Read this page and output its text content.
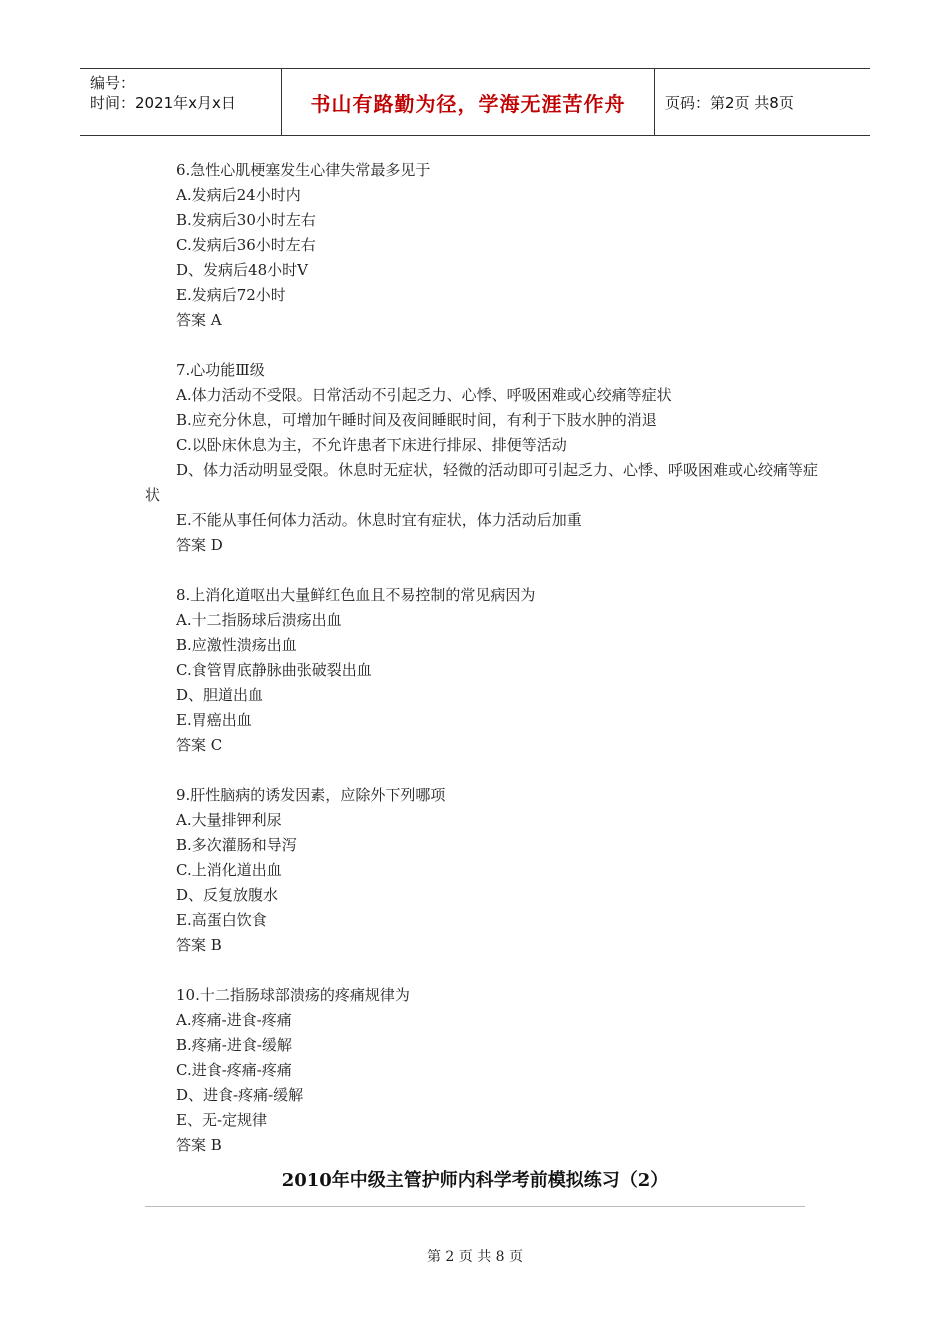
编号：
时间：2021年x月x日	书山有路勤为径，学海无涯苦作舟	页码：第2页 共8页
6.急性心肌梗塞发生心律失常最多见于
A.发病后24小时内
B.发病后30小时左右
C.发病后36小时左右
D、发病后48小时V
E.发病后72小时
答案 A
7.心功能Ⅲ级
A.体力活动不受限。日常活动不引起乏力、心悸、呼吸困难或心绞痛等症状
B.应充分休息，可增加午睡时间及夜间睡眠时间，有利于下肢水肿的消退
C.以卧床休息为主，不允许患者下床进行排尿、排便等活动
D、体力活动明显受限。休息时无症状，轻微的活动即可引起乏力、心悸、呼吸困难或心绞痛等症状
E.不能从事任何体力活动。休息时宜有症状，体力活动后加重
答案 D
8.上消化道呕出大量鲜红色血且不易控制的常见病因为
A.十二指肠球后溃疡出血
B.应激性溃疡出血
C.食管胃底静脉曲张破裂出血
D、胆道出血
E.胃癌出血
答案 C
9.肝性脑病的诱发因素，应除外下列哪项
A.大量排钾利尿
B.多次灌肠和导泻
C.上消化道出血
D、反复放腹水
E.高蛋白饮食
答案 B
10.十二指肠球部溃疡的疼痛规律为
A.疼痛-进食-疼痛
B.疼痛-进食-缓解
C.进食-疼痛-疼痛
D、进食-疼痛-缓解
E、无-定规律
答案 B
2010年中级主管护师内科学考前模拟练习（2）
第 2 页 共 8 页
